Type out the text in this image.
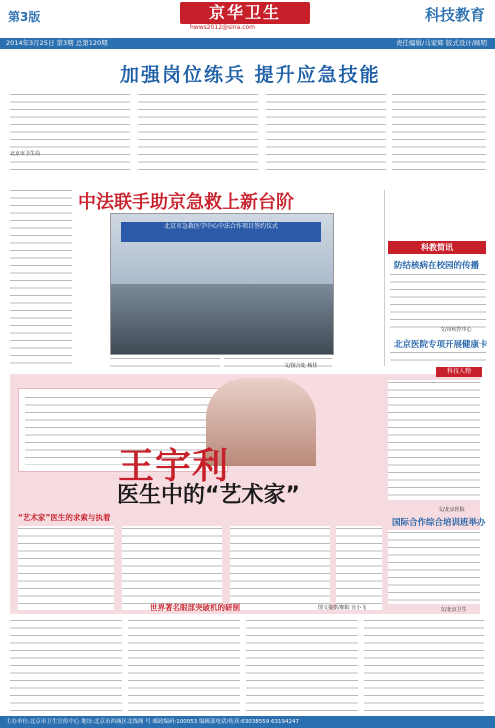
第3版	京华卫生
hwws2012@sina.com
科技教育
2014年3月25日 第3期 总第120期	责任编辑/马家辉 版式设计/顾明
加强岗位练兵 提升应急技能
北京市卫生局
中法联手助京急救上新台阶
北京市急救医学中心中法合作项目签约仪式
文/国合处 杨佳
科教简讯
防结核病在校园的传播
文/市疾控中心
北京医院专项开展健康卡
科技人物
王宇利
医生中的“艺术家”
“艺术家”医生的求索与执着
世界著名眼部突破机的研制	图文提供/朝阳 宣小飞
文/北京医院
国际合作综合培训班举办
文/北京卫生
主办单位:北京市卫生宣传中心 地址:北京市西城区北线阁 号 邮政编码:100053 编辑部电话/传真:63038559 63194247
